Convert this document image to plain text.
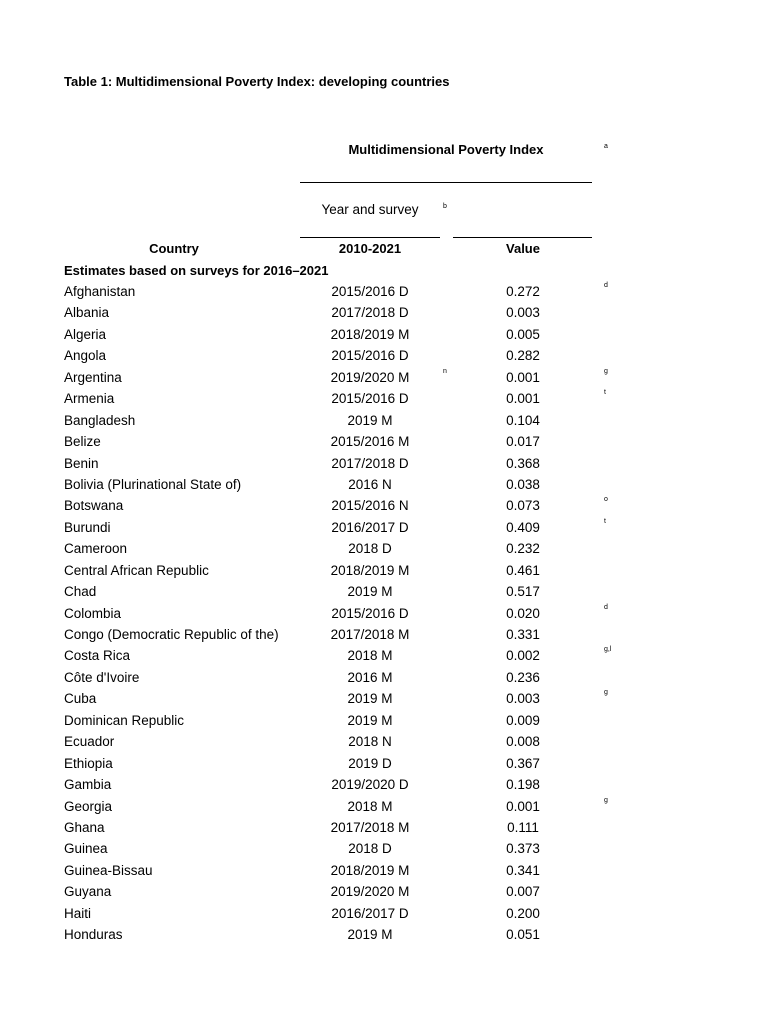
Table 1: Multidimensional Poverty Index: developing countries
Multidimensional Poverty Index	a
Year and survey	b
Country	2010-2021	Value
Estimates based on surveys for 2016–2021
Afghanistan	2015/2016 D	0.272	d
Albania	2017/2018 D	0.003
Algeria	2018/2019 M	0.005
Angola	2015/2016 D	0.282
Argentina	2019/2020 M	n	0.001	g
Armenia	2015/2016 D	0.001	t
Bangladesh	2019 M	0.104
Belize	2015/2016 M	0.017
Benin	2017/2018 D	0.368
Bolivia (Plurinational State of)	2016 N	0.038
Botswana	2015/2016 N	0.073	o
Burundi	2016/2017 D	0.409	t
Cameroon	2018 D	0.232
Central African Republic	2018/2019 M	0.461
Chad	2019 M	0.517
Colombia	2015/2016 D	0.020	d
Congo (Democratic Republic of the)	2017/2018 M	0.331
Costa Rica	2018 M	0.002	g,l
Côte d'Ivoire	2016 M	0.236
Cuba	2019 M	0.003	g
Dominican Republic	2019 M	0.009
Ecuador	2018 N	0.008
Ethiopia	2019 D	0.367
Gambia	2019/2020 D	0.198
Georgia	2018 M	0.001	g
Ghana	2017/2018 M	0.111
Guinea	2018 D	0.373
Guinea-Bissau	2018/2019 M	0.341
Guyana	2019/2020 M	0.007
Haiti	2016/2017 D	0.200
Honduras	2019 M	0.051
